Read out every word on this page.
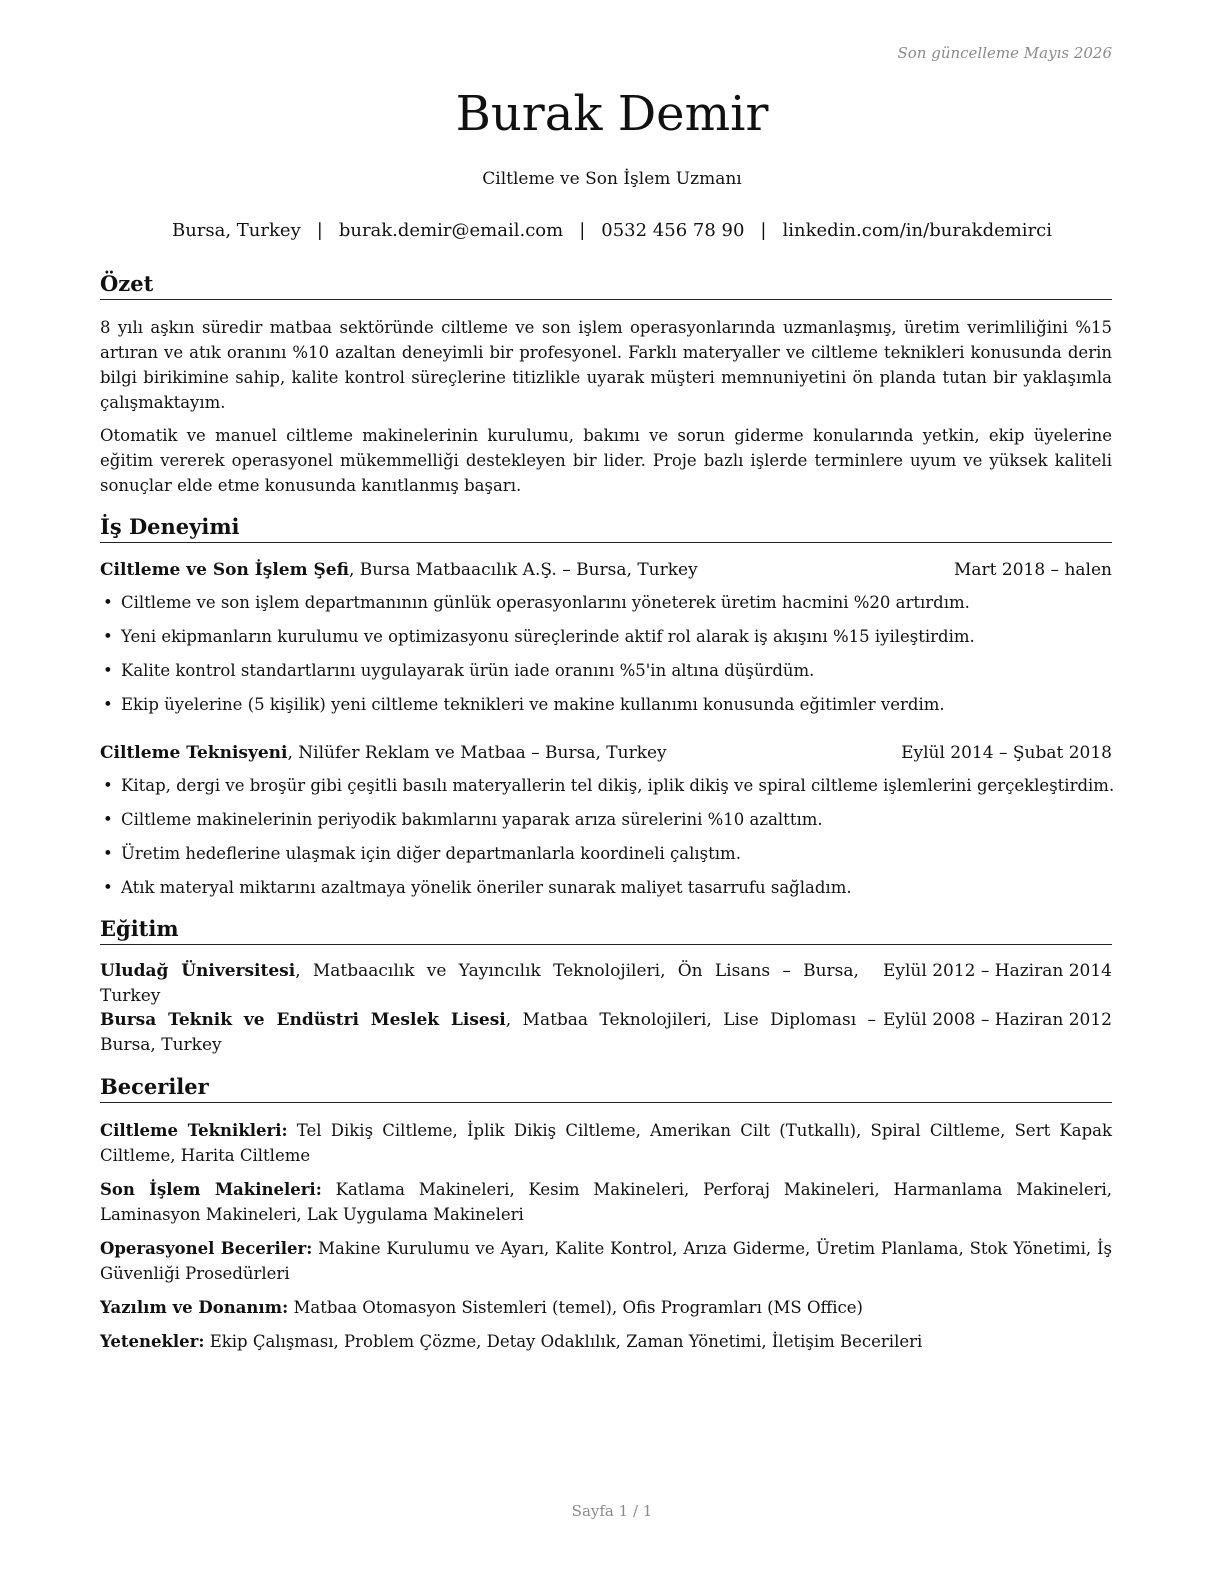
Son güncelleme Mayıs 2026
Burak Demir
Ciltleme ve Son İşlem Uzmanı
Bursa, Turkey | burak.demir@email.com | 0532 456 78 90 | linkedin.com/in/burakdemirci
Özet

8 yılı aşkın süredir matbaa sektöründe ciltleme ve son işlem operasyonlarında uzmanlaşmış, üretim verimliliğini %15 artıran ve atık oranını %10 azaltan deneyimli bir profesyonel. Farklı materyaller ve ciltleme teknikleri konusunda derin bilgi birikimine sahip, kalite kontrol süreçlerine titizlikle uyarak müşteri memnuniyetini ön planda tutan bir yaklaşımla çalışmaktayım.

Otomatik ve manuel ciltleme makinelerinin kurulumu, bakımı ve sorun giderme konularında yetkin, ekip üyelerine eğitim vererek operasyonel mükemmelliği destekleyen bir lider. Proje bazlı işlerde terminlere uyum ve yüksek kaliteli sonuçlar elde etme konusunda kanıtlanmış başarı.

İş Deneyimi
Ciltleme ve Son İşlem Şefi, Bursa Matbaacılık A.Ş. – Bursa, Turkey	Mart 2018 – halen
• Ciltleme ve son işlem departmanının günlük operasyonlarını yöneterek üretim hacmini %20 artırdım.
• Yeni ekipmanların kurulumu ve optimizasyonu süreçlerinde aktif rol alarak iş akışını %15 iyileştirdim.
• Kalite kontrol standartlarını uygulayarak ürün iade oranını %5'in altına düşürdüm.
• Ekip üyelerine (5 kişilik) yeni ciltleme teknikleri ve makine kullanımı konusunda eğitimler verdim.
Ciltleme Teknisyeni, Nilüfer Reklam ve Matbaa – Bursa, Turkey	Eylül 2014 – Şubat 2018
• Kitap, dergi ve broşür gibi çeşitli basılı materyallerin tel dikiş, iplik dikiş ve spiral ciltleme işlemlerini gerçekleştirdim.
• Ciltleme makinelerinin periyodik bakımlarını yaparak arıza sürelerini %10 azalttım.
• Üretim hedeflerine ulaşmak için diğer departmanlarla koordineli çalıştım.
• Atık materyal miktarını azaltmaya yönelik öneriler sunarak maliyet tasarrufu sağladım.
Eğitim
Uludağ Üniversitesi, Matbaacılık ve Yayıncılık Teknolojileri, Ön Lisans – Bursa, Turkey
Eylül 2012 – Haziran 2014
Bursa Teknik ve Endüstri Meslek Lisesi, Matbaa Teknolojileri, Lise Diploması – Bursa, Turkey
Eylül 2008 – Haziran 2012
Beceriler

Ciltleme Teknikleri: Tel Dikiş Ciltleme, İplik Dikiş Ciltleme, Amerikan Cilt (Tutkallı), Spiral Ciltleme, Sert Kapak Ciltleme, Harita Ciltleme

Son İşlem Makineleri: Katlama Makineleri, Kesim Makineleri, Perforaj Makineleri, Harmanlama Makineleri, Laminasyon Makineleri, Lak Uygulama Makineleri

Operasyonel Beceriler: Makine Kurulumu ve Ayarı, Kalite Kontrol, Arıza Giderme, Üretim Planlama, Stok Yönetimi, İş Güvenliği Prosedürleri

Yazılım ve Donanım: Matbaa Otomasyon Sistemleri (temel), Ofis Programları (MS Office)

Yetenekler: Ekip Çalışması, Problem Çözme, Detay Odaklılık, Zaman Yönetimi, İletişim Becerileri

Sayfa 1 / 1
